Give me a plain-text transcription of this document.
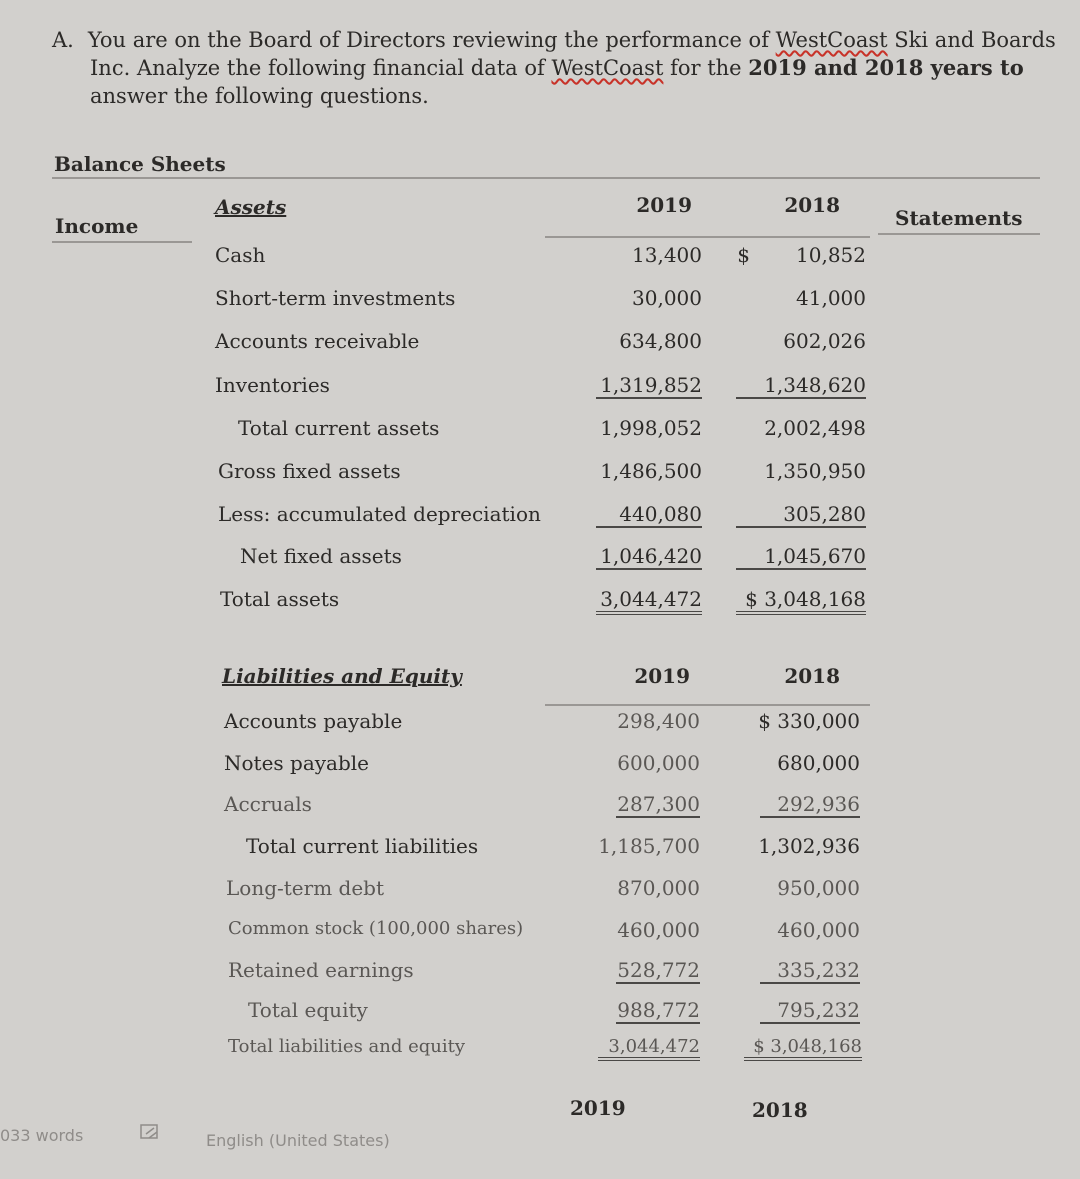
A. You are on the Board of Directors reviewing the performance of WestCoast Ski and Boards
Inc. Analyze the following financial data of WestCoast for the 2019 and 2018 years to
answer the following questions.
Balance Sheets
Income	Statements
Assets	2019	2018
Cash	13,400	$	10,852
Short-term investments	30,000	41,000
Accounts receivable	634,800	602,026
Inventories	1,319,852	1,348,620
Total current assets	1,998,052	2,002,498
Gross fixed assets	1,486,500	1,350,950
Less: accumulated depreciation	440,080	305,280
Net fixed assets	1,046,420	1,045,670
Total assets	3,044,472	$ 3,048,168
Liabilities and Equity	2019	2018
Accounts payable	298,400	$ 330,000
Notes payable	600,000	680,000
Accruals	287,300	292,936
Total current liabilities	1,185,700	1,302,936
Long-term debt	870,000	950,000
Common stock (100,000 shares)	460,000	460,000
Retained earnings	528,772	335,232
Total equity	988,772	795,232
Total liabilities and equity	3,044,472	$ 3,048,168
2019	2018
033 words	English (United States)
